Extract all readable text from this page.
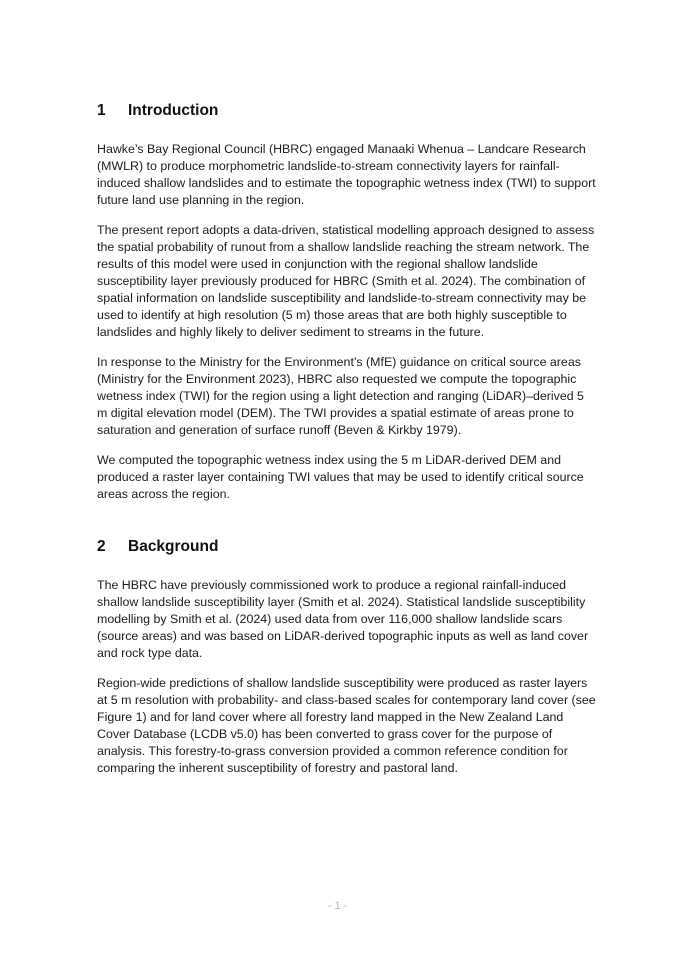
1 Introduction

Hawke’s Bay Regional Council (HBRC) engaged Manaaki Whenua – Landcare Research (MWLR) to produce morphometric landslide-to-stream connectivity layers for rainfall-induced shallow landslides and to estimate the topographic wetness index (TWI) to support future land use planning in the region.

The present report adopts a data-driven, statistical modelling approach designed to assess the spatial probability of runout from a shallow landslide reaching the stream network. The results of this model were used in conjunction with the regional shallow landslide susceptibility layer previously produced for HBRC (Smith et al. 2024). The combination of spatial information on landslide susceptibility and landslide-to-stream connectivity may be used to identify at high resolution (5 m) those areas that are both highly susceptible to landslides and highly likely to deliver sediment to streams in the future.

In response to the Ministry for the Environment’s (MfE) guidance on critical source areas (Ministry for the Environment 2023), HBRC also requested we compute the topographic wetness index (TWI) for the region using a light detection and ranging (LiDAR)–derived 5 m digital elevation model (DEM). The TWI provides a spatial estimate of areas prone to saturation and generation of surface runoff (Beven & Kirkby 1979).

We computed the topographic wetness index using the 5 m LiDAR-derived DEM and produced a raster layer containing TWI values that may be used to identify critical source areas across the region.

2 Background

The HBRC have previously commissioned work to produce a regional rainfall-induced shallow landslide susceptibility layer (Smith et al. 2024). Statistical landslide susceptibility modelling by Smith et al. (2024) used data from over 116,000 shallow landslide scars (source areas) and was based on LiDAR-derived topographic inputs as well as land cover and rock type data.

Region-wide predictions of shallow landslide susceptibility were produced as raster layers at 5 m resolution with probability- and class-based scales for contemporary land cover (see Figure 1) and for land cover where all forestry land mapped in the New Zealand Land Cover Database (LCDB v5.0) has been converted to grass cover for the purpose of analysis. This forestry-to-grass conversion provided a common reference condition for comparing the inherent susceptibility of forestry and pastoral land.

- 1 -
